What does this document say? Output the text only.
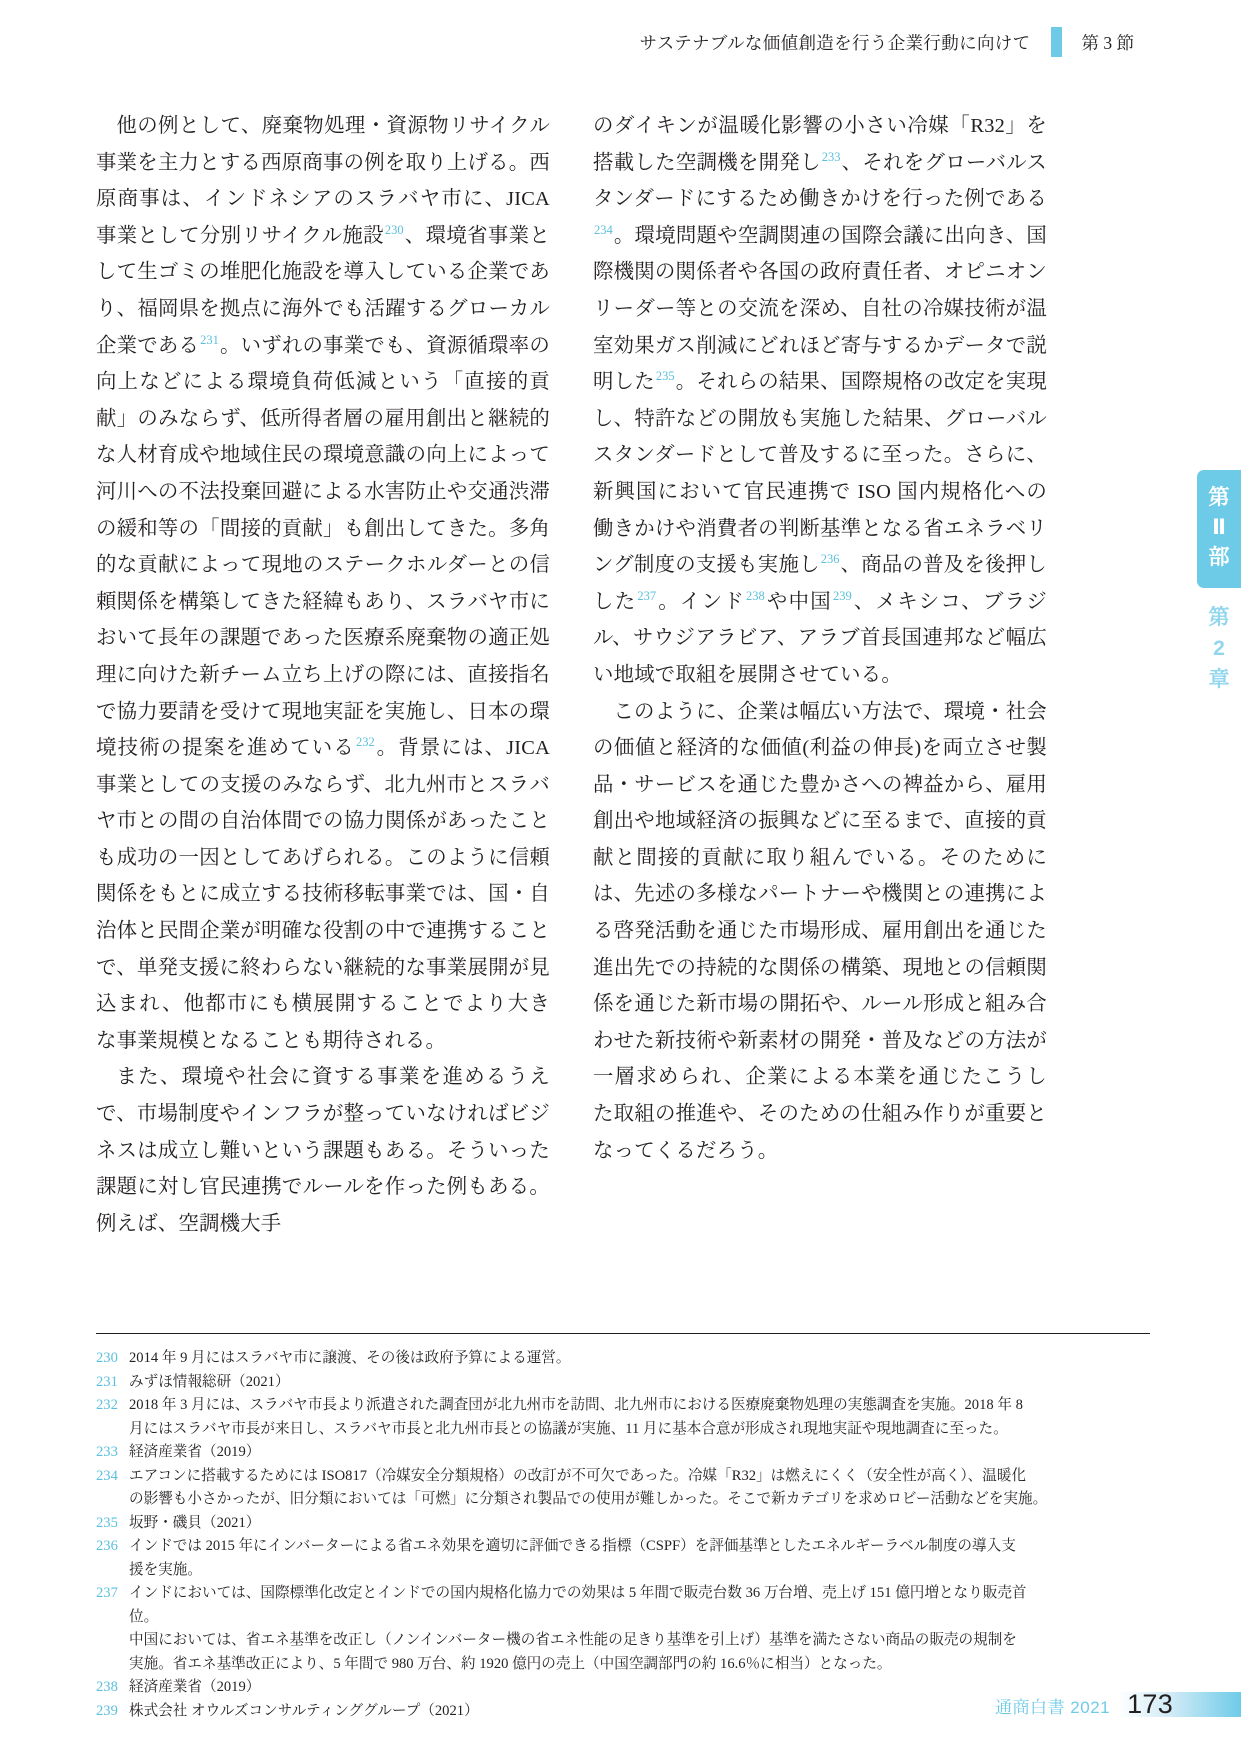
サステナブルな価値創造を行う企業行動に向けて	第 3 節

他の例として、廃棄物処理・資源物リサイクル事業を主力とする西原商事の例を取り上げる。西原商事は、インドネシアのスラバヤ市に、JICA 事業として分別リサイクル施設$^{230}$、環境省事業として生ゴミの堆肥化施設を導入している企業であり、福岡県を拠点に海外でも活躍するグローカル企業である$^{231}$。いずれの事業でも、資源循環率の向上などによる環境負荷低減という「直接的貢献」のみならず、低所得者層の雇用創出と継続的な人材育成や地域住民の環境意識の向上によって河川への不法投棄回避による水害防止や交通渋滞の緩和等の「間接的貢献」も創出してきた。多角的な貢献によって現地のステークホルダーとの信頼関係を構築してきた経緯もあり、スラバヤ市において長年の課題であった医療系廃棄物の適正処理に向けた新チーム立ち上げの際には、直接指名で協力要請を受けて現地実証を実施し、日本の環境技術の提案を進めている$^{232}$。背景には、JICA 事業としての支援のみならず、北九州市とスラバヤ市との間の自治体間での協力関係があったことも成功の一因としてあげられる。このように信頼関係をもとに成立する技術移転事業では、国・自治体と民間企業が明確な役割の中で連携することで、単発支援に終わらない継続的な事業展開が見込まれ、他都市にも横展開することでより大きな事業規模となることも期待される。

また、環境や社会に資する事業を進めるうえで、市場制度やインフラが整っていなければビジネスは成立し難いという課題もある。そういった課題に対し官民連携でルールを作った例もある。例えば、空調機大手

のダイキンが温暖化影響の小さい冷媒「R32」を搭載した空調機を開発し$^{233}$、それをグローバルスタンダードにするため働きかけを行った例である$^{234}$。環境問題や空調関連の国際会議に出向き、国際機関の関係者や各国の政府責任者、オピニオンリーダー等との交流を深め、自社の冷媒技術が温室効果ガス削減にどれほど寄与するかデータで説明した$^{235}$。それらの結果、国際規格の改定を実現し、特許などの開放も実施した結果、グローバルスタンダードとして普及するに至った。さらに、新興国において官民連携で ISO 国内規格化への働きかけや消費者の判断基準となる省エネラベリング制度の支援も実施し$^{236}$、商品の普及を後押しした$^{237}$。インド$^{238}$や中国$^{239}$、メキシコ、ブラジル、サウジアラビア、アラブ首長国連邦など幅広い地域で取組を展開させている。

このように、企業は幅広い方法で、環境・社会の価値と経済的な価値(利益の伸長)を両立させ製品・サービスを通じた豊かさへの裨益から、雇用創出や地域経済の振興などに至るまで、直接的貢献と間接的貢献に取り組んでいる。そのためには、先述の多様なパートナーや機関との連携による啓発活動を通じた市場形成、雇用創出を通じた進出先での持続的な関係の構築、現地との信頼関係を通じた新市場の開拓や、ルール形成と組み合わせた新技術や新素材の開発・普及などの方法が一層求められ、企業による本業を通じたこうした取組の推進や、そのための仕組み作りが重要となってくるだろう。

第
Ⅱ
部
第
2
章
230 2014 年 9 月にはスラバヤ市に譲渡、その後は政府予算による運営。
231 みずほ情報総研（2021）
232 2018 年 3 月には、スラバヤ市長より派遣された調査団が北九州市を訪問、北九州市における医療廃棄物処理の実態調査を実施。2018 年 8
月にはスラバヤ市長が来日し、スラバヤ市長と北九州市長との協議が実施、11 月に基本合意が形成され現地実証や現地調査に至った。
233 経済産業省（2019）
234 エアコンに搭載するためには ISO817（冷媒安全分類規格）の改訂が不可欠であった。冷媒「R32」は燃えにくく（安全性が高く）、温暖化
の影響も小さかったが、旧分類においては「可燃」に分類され製品での使用が難しかった。そこで新カテゴリを求めロビー活動などを実施。
235 坂野・磯貝（2021）
236 インドでは 2015 年にインバーターによる省エネ効果を適切に評価できる指標（CSPF）を評価基準としたエネルギーラベル制度の導入支
援を実施。
237 インドにおいては、国際標準化改定とインドでの国内規格化協力での効果は 5 年間で販売台数 36 万台増、売上げ 151 億円増となり販売首
位。
中国においては、省エネ基準を改正し（ノンインバーター機の省エネ性能の足きり基準を引上げ）基準を満たさない商品の販売の規制を
実施。省エネ基準改正により、5 年間で 980 万台、約 1920 億円の売上（中国空調部門の約 16.6％に相当）となった。
238 経済産業省（2019）
239 株式会社 オウルズコンサルティンググループ（2021）	通商白書 2021 173
